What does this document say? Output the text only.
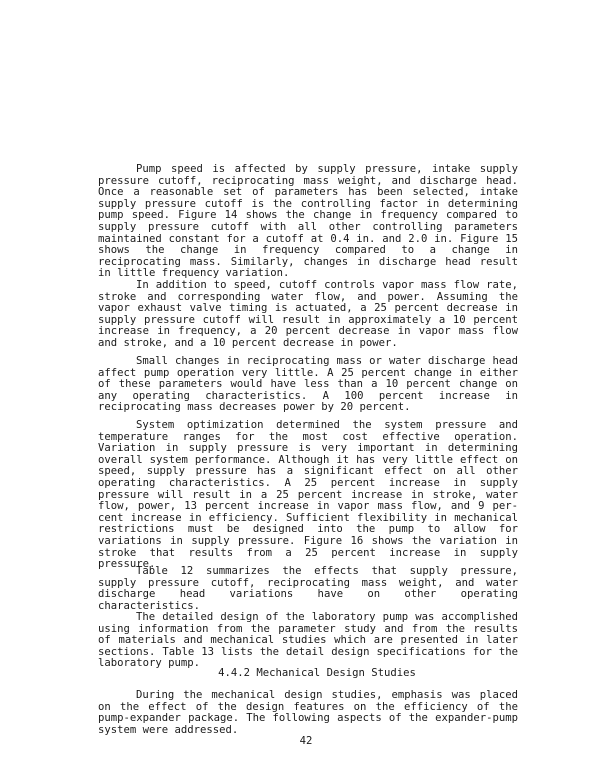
Pump speed is affected by supply pressure, intake supply pressure cutoff, reciprocating mass weight, and discharge head. Once a reasonable set of parameters has been selected, intake supply pressure cutoff is the controlling factor in determining pump speed. Figure 14 shows the change in frequency compared to supply pressure cutoff with all other controlling parameters maintained constant for a cutoff at 0.4 in. and 2.0 in. Figure 15 shows the change in frequency compared to a change in reciprocating mass. Similarly, changes in discharge head result in little frequency variation.

In addition to speed, cutoff controls vapor mass flow rate, stroke and corresponding water flow, and power. Assuming the vapor exhaust valve timing is actuated, a 25 percent decrease in supply pressure cutoff will result in approximately a 10 percent increase in frequency, a 20 percent decrease in vapor mass flow and stroke, and a 10 percent decrease in power.

Small changes in reciprocating mass or water discharge head affect pump operation very little. A 25 percent change in either of these parameters would have less than a 10 percent change on any operating characteristics. A 100 percent increase in reciprocating mass decreases power by 20 percent.

System optimization determined the system pressure and temperature ranges for the most cost effective operation. Variation in supply pressure is very important in determining overall system performance. Although it has very little effect on speed, supply pressure has a significant effect on all other operating characteristics. A 25 percent increase in supply pressure will result in a 25 percent increase in stroke, water flow, power, 13 percent increase in vapor mass flow, and 9 percent increase in efficiency. Sufficient flexibility in mechanical restrictions must be designed into the pump to allow for variations in supply pressure. Figure 16 shows the variation in stroke that results from a 25 percent increase in supply pressure.

Table 12 summarizes the effects that supply pressure, supply pressure cutoff, reciprocating mass weight, and water discharge head variations have on other operating characteristics.

The detailed design of the laboratory pump was accomplished using information from the parameter study and from the results of materials and mechanical studies which are presented in later sections. Table 13 lists the detail design specifications for the laboratory pump.

4.4.2 Mechanical Design Studies

During the mechanical design studies, emphasis was placed on the effect of the design features on the efficiency of the pump-expander package. The following aspects of the expander-pump system were addressed.

42
